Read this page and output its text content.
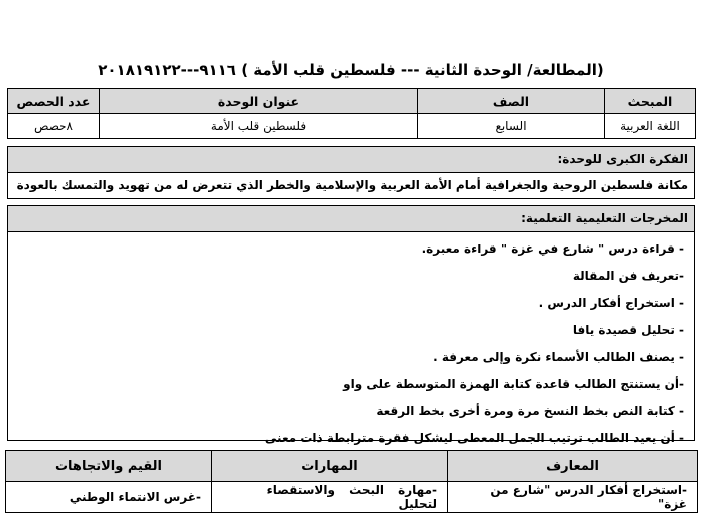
(المطالعة/ الوحدة الثانية --- فلسطين قلب الأمة ) ٩١١٦---٢٠١٨١٩١٢٢
المبحث	الصف	عنوان الوحدة	عدد الحصص
اللغة العربية	السابع	فلسطين قلب الأمة	٨حصص
الفكرة الكبرى للوحدة:
مكانة فلسطين الروحية والجغرافية أمام الأمة العربية والإسلامية والخطر الذي تتعرض له من تهويد والتمسك بالعودة
المخرجات التعليمية التعلمية:
- قراءة درس " شارع في غزة " قراءة معبرة.
-تعريف فن المقالة
- استخراج أفكار الدرس .
- تحليل قصيدة يافا
- يصنف الطالب الأسماء نكرة وإلى معرفة .
-أن يستنتج الطالب قاعدة كتابة الهمزة المتوسطة على واو
- كتابة النص بخط النسخ مرة ومرة أخرى بخط الرقعة
- أن يعيد الطالب ترتيب الجمل المعطى ليشكل فقرة مترابطة ذات معنى
المعارف	المهارات	القيم والاتجاهات
-استخراج أفكار الدرس "شارع من غزة"	-مهارة البحث والاستقصاء لتحليل	-غرس الانتماء الوطني
